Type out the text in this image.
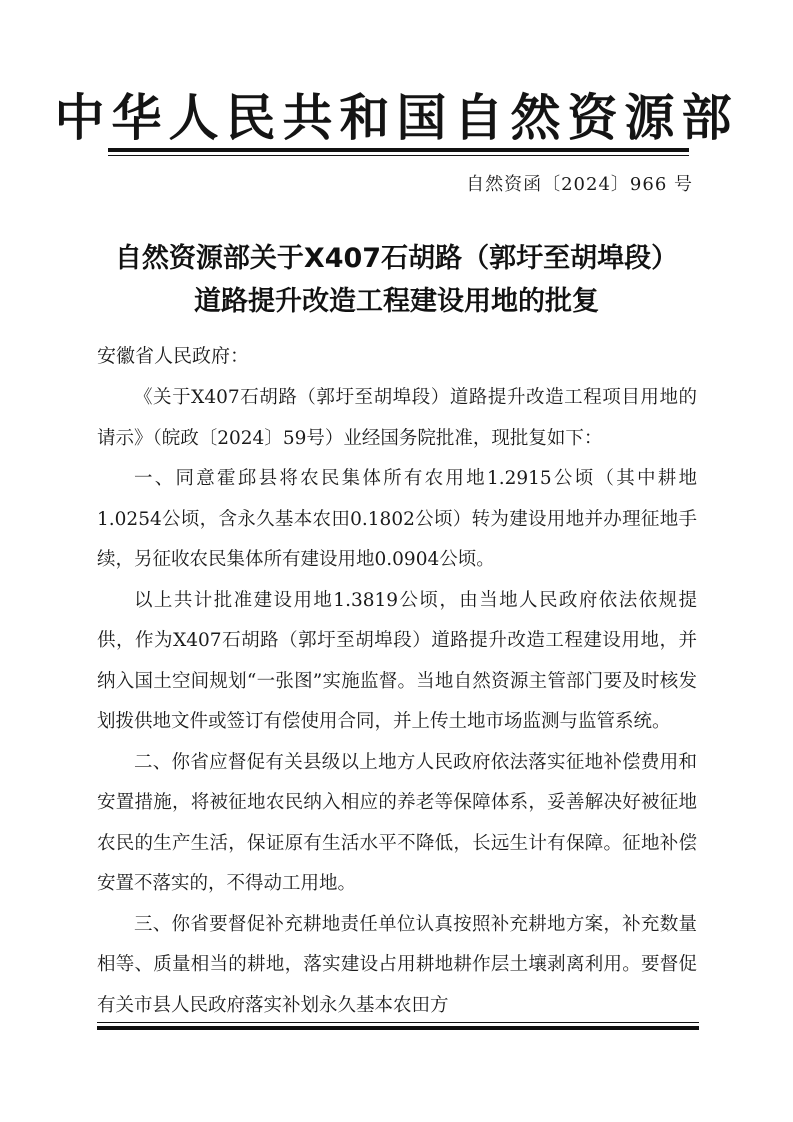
中华人民共和国自然资源部
自然资函〔2024〕966 号
自然资源部关于X407石胡路（郭圩至胡埠段）
道路提升改造工程建设用地的批复
安徽省人民政府：

《关于X407石胡路（郭圩至胡埠段）道路提升改造工程项目用地的请示》（皖政〔2024〕59号）业经国务院批准，现批复如下：

一、同意霍邱县将农民集体所有农用地1.2915公顷（其中耕地1.0254公顷，含永久基本农田0.1802公顷）转为建设用地并办理征地手续，另征收农民集体所有建设用地0.0904公顷。

以上共计批准建设用地1.3819公顷，由当地人民政府依法依规提供，作为X407石胡路（郭圩至胡埠段）道路提升改造工程建设用地，并纳入国土空间规划“一张图”实施监督。当地自然资源主管部门要及时核发划拨供地文件或签订有偿使用合同，并上传土地市场监测与监管系统。

二、你省应督促有关县级以上地方人民政府依法落实征地补偿费用和安置措施，将被征地农民纳入相应的养老等保障体系，妥善解决好被征地农民的生产生活，保证原有生活水平不降低，长远生计有保障。征地补偿安置不落实的，不得动工用地。

三、你省要督促补充耕地责任单位认真按照补充耕地方案，补充数量相等、质量相当的耕地，落实建设占用耕地耕作层土壤剥离利用。要督促有关市县人民政府落实补划永久基本农田方
